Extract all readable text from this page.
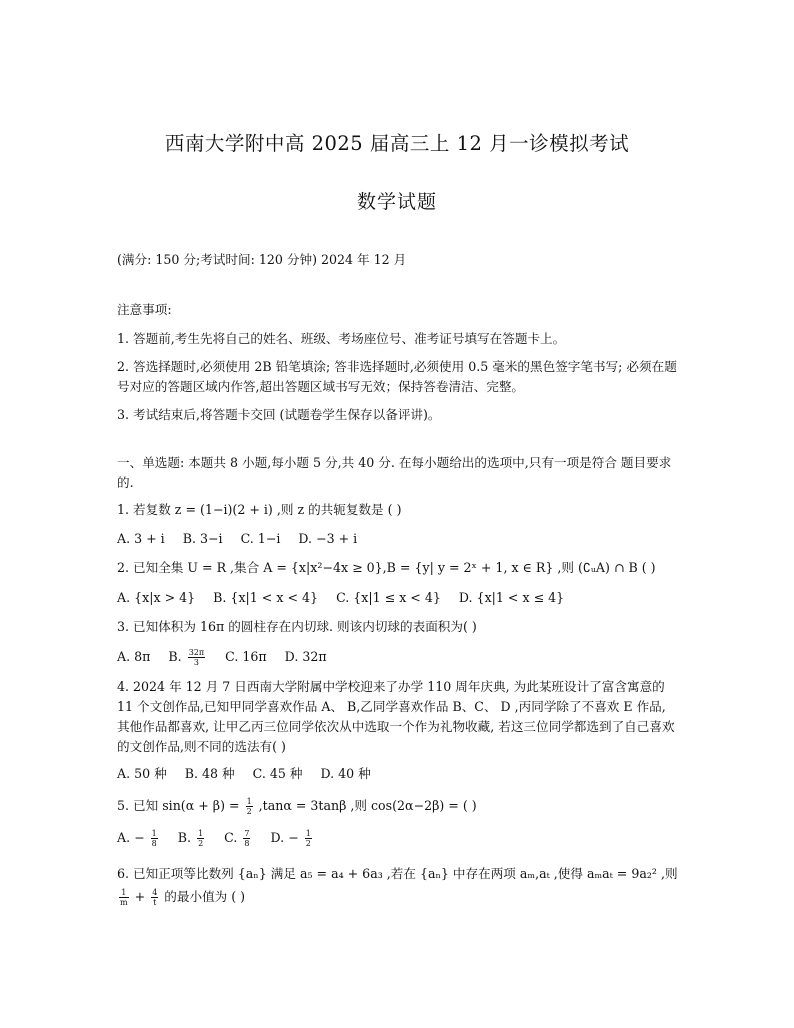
西南大学附中高 2025 届高三上 12 月一诊模拟考试
数学试题
(满分: 150 分;考试时间: 120 分钟) 2024 年 12 月
注意事项:
1. 答题前,考生先将自己的姓名、班级、考场座位号、准考证号填写在答题卡上。
2. 答选择题时,必须使用 2B 铅笔填涂; 答非选择题时,必须使用 0.5 毫米的黑色签字笔书写; 必须在题号对应的答题区域内作答,超出答题区域书写无效；保持答卷清洁、完整。
3. 考试结束后,将答题卡交回 (试题卷学生保存以备评讲)。
一、单选题: 本题共 8 小题,每小题 5 分,共 40 分. 在每小题给出的选项中,只有一项是符合 题目要求的.
1. 若复数 z = (1−i)(2 + i) ,则 z 的共轭复数是 ( )
A. 3 + i B. 3−i C. 1−i D. −3 + i
2. 已知全集 U = R ,集合 A = {x|x²−4x ≥ 0},B = {y| y = 2ˣ + 1, x ∈ R} ,则 (∁ᵤA) ∩ B ( )
A. {x|x > 4} B. {x|1 < x < 4} C. {x|1 ≤ x < 4} D. {x|1 < x ≤ 4}
3. 已知体积为 16π 的圆柱存在内切球. 则该内切球的表面积为( )
A. 8π B. $\frac{32\pi}{3} C$. 16π D. 32π
4. 2024 年 12 月 7 日西南大学附属中学校迎来了办学 110 周年庆典, 为此某班设计了富含寓意的 11 个文创作品,已知甲同学喜欢作品 A、 B,乙同学喜欢作品 B、C、 D ,丙同学除了不喜欢 E 作品, 其他作品都喜欢, 让甲乙丙三位同学依次从中选取一个作为礼物收藏, 若这三位同学都选到了自己喜欢的文创作品,则不同的选法有( )
A. 50 种 B. 48 种 C. 45 种 D. 40 种
5. 已知 $\sin(\alpha + \beta) = \frac{1}{2} ,\tan\alpha = 3\tan\beta$ ,则 cos(2α−2β) = ( )
A. − $\frac{1}{8} B$. $\frac{1}{2} C$. $\frac{7}{8} D$. − $\frac{1}{2}$
6. 已知正项等比数列 {aₙ} 满足 a₅ = a₄ + 6a₃ ,若在 {aₙ} 中存在两项 aₘ,aₜ ,使得 aₘaₜ = 9a₂² ,则
$\frac{1}{m} + \frac{4}{t}$ 的最小值为 ( )
